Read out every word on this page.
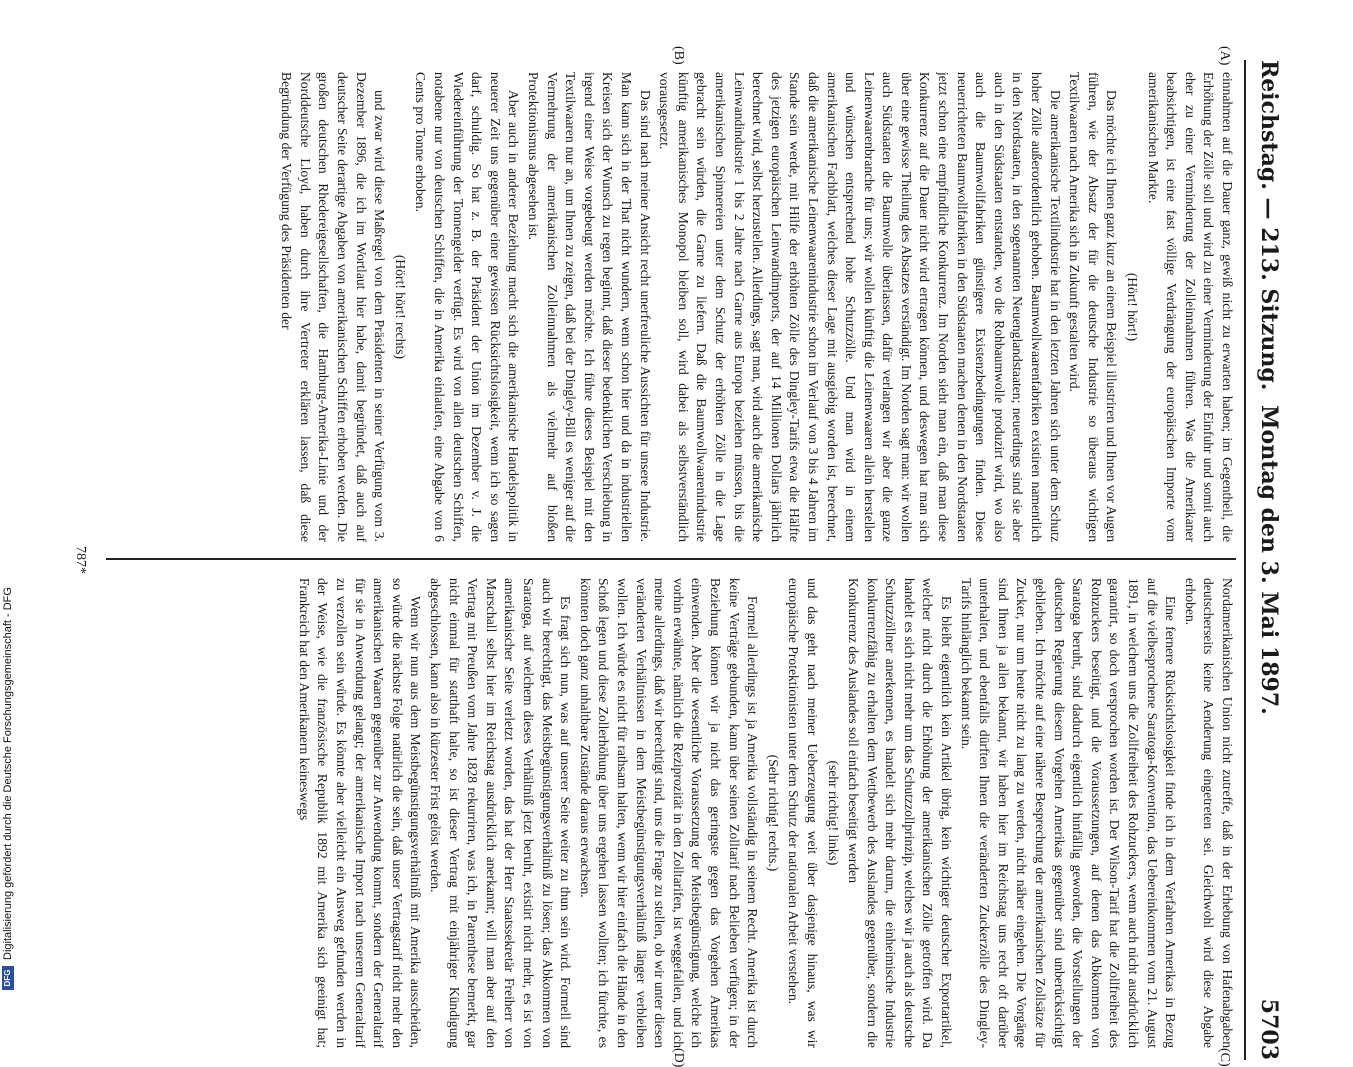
Reichstag. — 213. Sitzung.
Montag den 3. Mai 1897.
5703
(A)
(B)
(C)
(D)

einnahmen auf die Dauer ganz, gewiß nicht zu erwarten haben; im Gegentheil, die Erhöhung der Zölle soll und wird zu einer Verminderung der Einfuhr und somit auch eher zu einer Verminderung der Zolleinnahmen führen. Was die Amerikaner beabsichtigen, ist eine fast völlige Verdrängung der europäischen Importe vom amerikanischen Markte.

(Hört! hört!)

Das möchte ich Ihnen ganz kurz an einem Beispiel illustriren und Ihnen vor Augen führen, wie der Absatz der für die deutsche Industrie so überaus wichtigen Textilwaaren nach Amerika sich in Zukunft gestalten wird.

Die amerikanische Textilindustrie hat in den letzten Jahren sich unter dem Schutz hoher Zölle außerordentlich gehoben. Baumwollwaarenfabriken existiren namentlich in den Nordstaaten, in den sogenannten Neuenglandstaaten; neuerdings sind sie aber auch in den Südstaaten entstanden, wo die Rohbaumwolle produzirt wird, wo also auch die Baumwollfabriken günstigere Existenzbedingungen finden. Diese neuerrichteten Baumwollfabriken in den Südstaaten machen denen in den Nordstaaten jetzt schon eine empfindliche Konkurrenz. Im Norden sieht man ein, daß man diese Konkurrenz auf die Dauer nicht wird ertragen können, und deswegen hat man sich über eine gewisse Theilung des Absatzes verständigt. Im Norden sagt man: wir wollen auch Südstaaten die Baumwolle überlassen, dafür verlangen wir aber die ganze Leinenwaarenbranche für uns; wir wollen künftig die Leinenwaaren allein herstellen und wünschen entsprechend hohe Schutzzölle. Und man wird in einem amerikanischen Fachblatt, welches dieser Lage mit ausgiebig worden ist, berechnet, daß die amerikanische Leinenwaarenindustrie schon im Verlauf von 3 bis 4 Jahren im Stande sein werde, mit Hilfe der erhöhten Zölle des Dingley-Tarifs etwa die Hälfte des jetzigen europäischen Leinwandimports, der auf 14 Millionen Dollars jährlich berechnet wird, selbst herzustellen. Allerdings, sagt man, wird auch die amerikanische Leinwandindustrie 1 bis 2 Jahre nach Garne aus Europa beziehen müssen, bis die amerikanischen Spinnereien unter dem Schutz der erhöhten Zölle in die Lage gebracht sein würden, die Garne zu liefern. Daß die Baumwollwaarenindustrie künftig amerikanisches Monopol bleiben soll, wird dabei als selbstverständlich vorausgesetzt.

Das sind nach meiner Ansicht recht unerfreuliche Aussichten für unsere Industrie. Man kann sich in der That nicht wundern, wenn schon hier und da in industriellen Kreisen sich der Wunsch zu regen beginnt, daß dieser bedenklichen Verschiebung in irgend einer Weise vorgebeugt werden möchte. Ich führe dieses Beispiel mit den Textilwaaren nur an, um Ihnen zu zeigen, daß bei der Dingley-Bill es weniger auf die Vermehrung der amerikanischen Zolleinnahmen als vielmehr auf bloßen Protektionismus abgesehen ist.

Aber auch in anderer Beziehung macht sich die amerikanische Handelspolitik in neuerer Zeit uns gegenüber einer gewissen Rücksichtslosigkeit, wenn ich so sagen darf, schuldig. So hat z. B. der Präsident der Union im Dezember v. J. die Wiedereinführung der Tonnengelder verfügt. Es wird von allen deutschen Schiffen, notabene nur von deutschen Schiffen, die in Amerika einlaufen, eine Abgabe von 6 Cents pro Tonne erhoben.

(Hört! hört! rechts)

und zwar wird diese Maßregel von dem Präsidenten in seiner Verfügung vom 3. Dezember 1896, die ich im Wortlaut hier habe, damit begründet, daß auch auf deutscher Seite derartige Abgaben von amerikanischen Schiffen erhoben werden. Die großen deutschen Rhedereigesellschaften, die Hamburg-Amerika-Linie und der Norddeutsche Lloyd, haben durch ihre Vertreter erklären lassen, daß diese Begründung der Verfügung des Präsidenten der

Nordamerikanischen Union nicht zutreffe, daß in der Erhebung von Hafenabgaben deutscherseits keine Aenderung eingetreten sei. Gleichwohl wird diese Abgabe erhoben.

Eine fernere Rücksichtslosigkeit finde ich in dem Verfahren Amerikas in Bezug auf die vielbesprochene Saratoga-Konvention, das Uebereinkommen vom 21. August 1891, in welchem uns die Zollfreiheit des Rohzuckers, wenn auch nicht ausdrücklich garantirt, so doch versprochen worden ist. Der Wilson-Tarif hat die Zollfreiheit des Rohzuckers beseitigt, und die Voraussetzungen, auf denen das Abkommen von Saratoga beruht, sind dadurch eigentlich hinfällig geworden, die Vorstellungen der deutschen Regierung diesem Vorgehen Amerikas gegenüber sind unberücksichtigt geblieben. Ich möchte auf eine nähere Besprechung der amerikanischen Zollsätze für Zucker, nur um heute nicht zu lang zu werden, nicht näher eingehen. Die Vorgänge sind Ihnen ja allen bekannt, wir haben hier im Reichstag uns recht oft darüber unterhalten, und ebenfalls dürften Ihnen die veränderten Zuckerzölle des Dingley-Tarifs hinlänglich bekannt sein.

Es bleibt eigentlich kein Artikel übrig, kein wichtiger deutscher Exportartikel, welcher nicht durch die Erhöhung der amerikanischen Zölle getroffen wird. Da handelt es sich nicht mehr um das Schutzzollprinzip, welches wir ja auch als deutsche Schutzzöllner anerkennen, es handelt sich mehr darum, die einheimische Industrie konkurrenzfähig zu erhalten dem Wettbewerb des Auslandes gegenüber, sondern die Konkurrenz des Auslandes soll einfach beseitigt werden

(sehr richtig! links)

und das geht nach meiner Ueberzeugung weit über dasjenige hinaus, was wir europäische Protektionisten unter dem Schutz der nationalen Arbeit verstehen.

(Sehr richtig! rechts.)

Formell allerdings ist ja Amerika vollständig in seinem Recht. Amerika ist durch keine Verträge gebunden, kann über seinen Zolltarif nach Belieben verfügen; in der Beziehung können wir ja nicht das geringste gegen das Vorgehen Amerikas einwenden. Aber die wesentliche Voraussetzung der Meistbegünstigung, welche ich vorhin erwähnte, nämlich die Reziprozität in den Zolltarifen, ist weggefallen, und ich meine allerdings, daß wir berechtigt sind, uns die Frage zu stellen, ob wir unter diesen veränderten Verhältnissen in dem Meistbegünstigungsverhältniß länger verbleiben wollen. Ich würde es nicht für rathsam halten, wenn wir hier einfach die Hände in den Schoß legen und diese Zollerhöhung über uns ergehen lassen wollten; ich fürchte, es könnten doch ganz unhaltbare Zustände daraus erwachsen.

Es fragt sich nun, was auf unserer Seite weiter zu thun sein wird. Formell sind auch wir berechtigt, das Meistbegünstigungsverhältniß zu lösen; das Abkommen von Saratoga, auf welchem dieses Verhältniß jetzt beruht, existirt nicht mehr, es ist von amerikanischer Seite verletzt worden, das hat der Herr Staatssekretär Freiherr von Marschall selbst hier im Reichstag ausdrücklich anerkannt; will man aber auf den Vertrag mit Preußen vom Jahre 1828 rekurriren, was ich, in Parenthese bemerkt, gar nicht einmal für statthaft halte, so ist dieser Vertrag mit einjähriger Kündigung abgeschlossen, kann also in kürzester Frist gelöst werden.

Wenn wir nun aus dem Meistbegünstigungsverhältniß mit Amerika ausscheiden, so würde die nächste Folge natürlich die sein, daß unser Vertragstarif nicht mehr den amerikanischen Waaren gegenüber zur Anwendung kommt, sondern der Generaltarif für sie in Anwendung gelangt; der amerikanische Import nach unserem Generaltarif zu verzollen sein würde. Es könnte aber vielleicht ein Ausweg gefunden werden in der Weise, wie die französische Republik 1892 mit Amerika sich geeinigt hat; Frankreich hat den Amerikanern keineswegs

787*
DFGDigitalisierung gefördert durch die Deutsche Forschungsgemeinschaft - DFG
